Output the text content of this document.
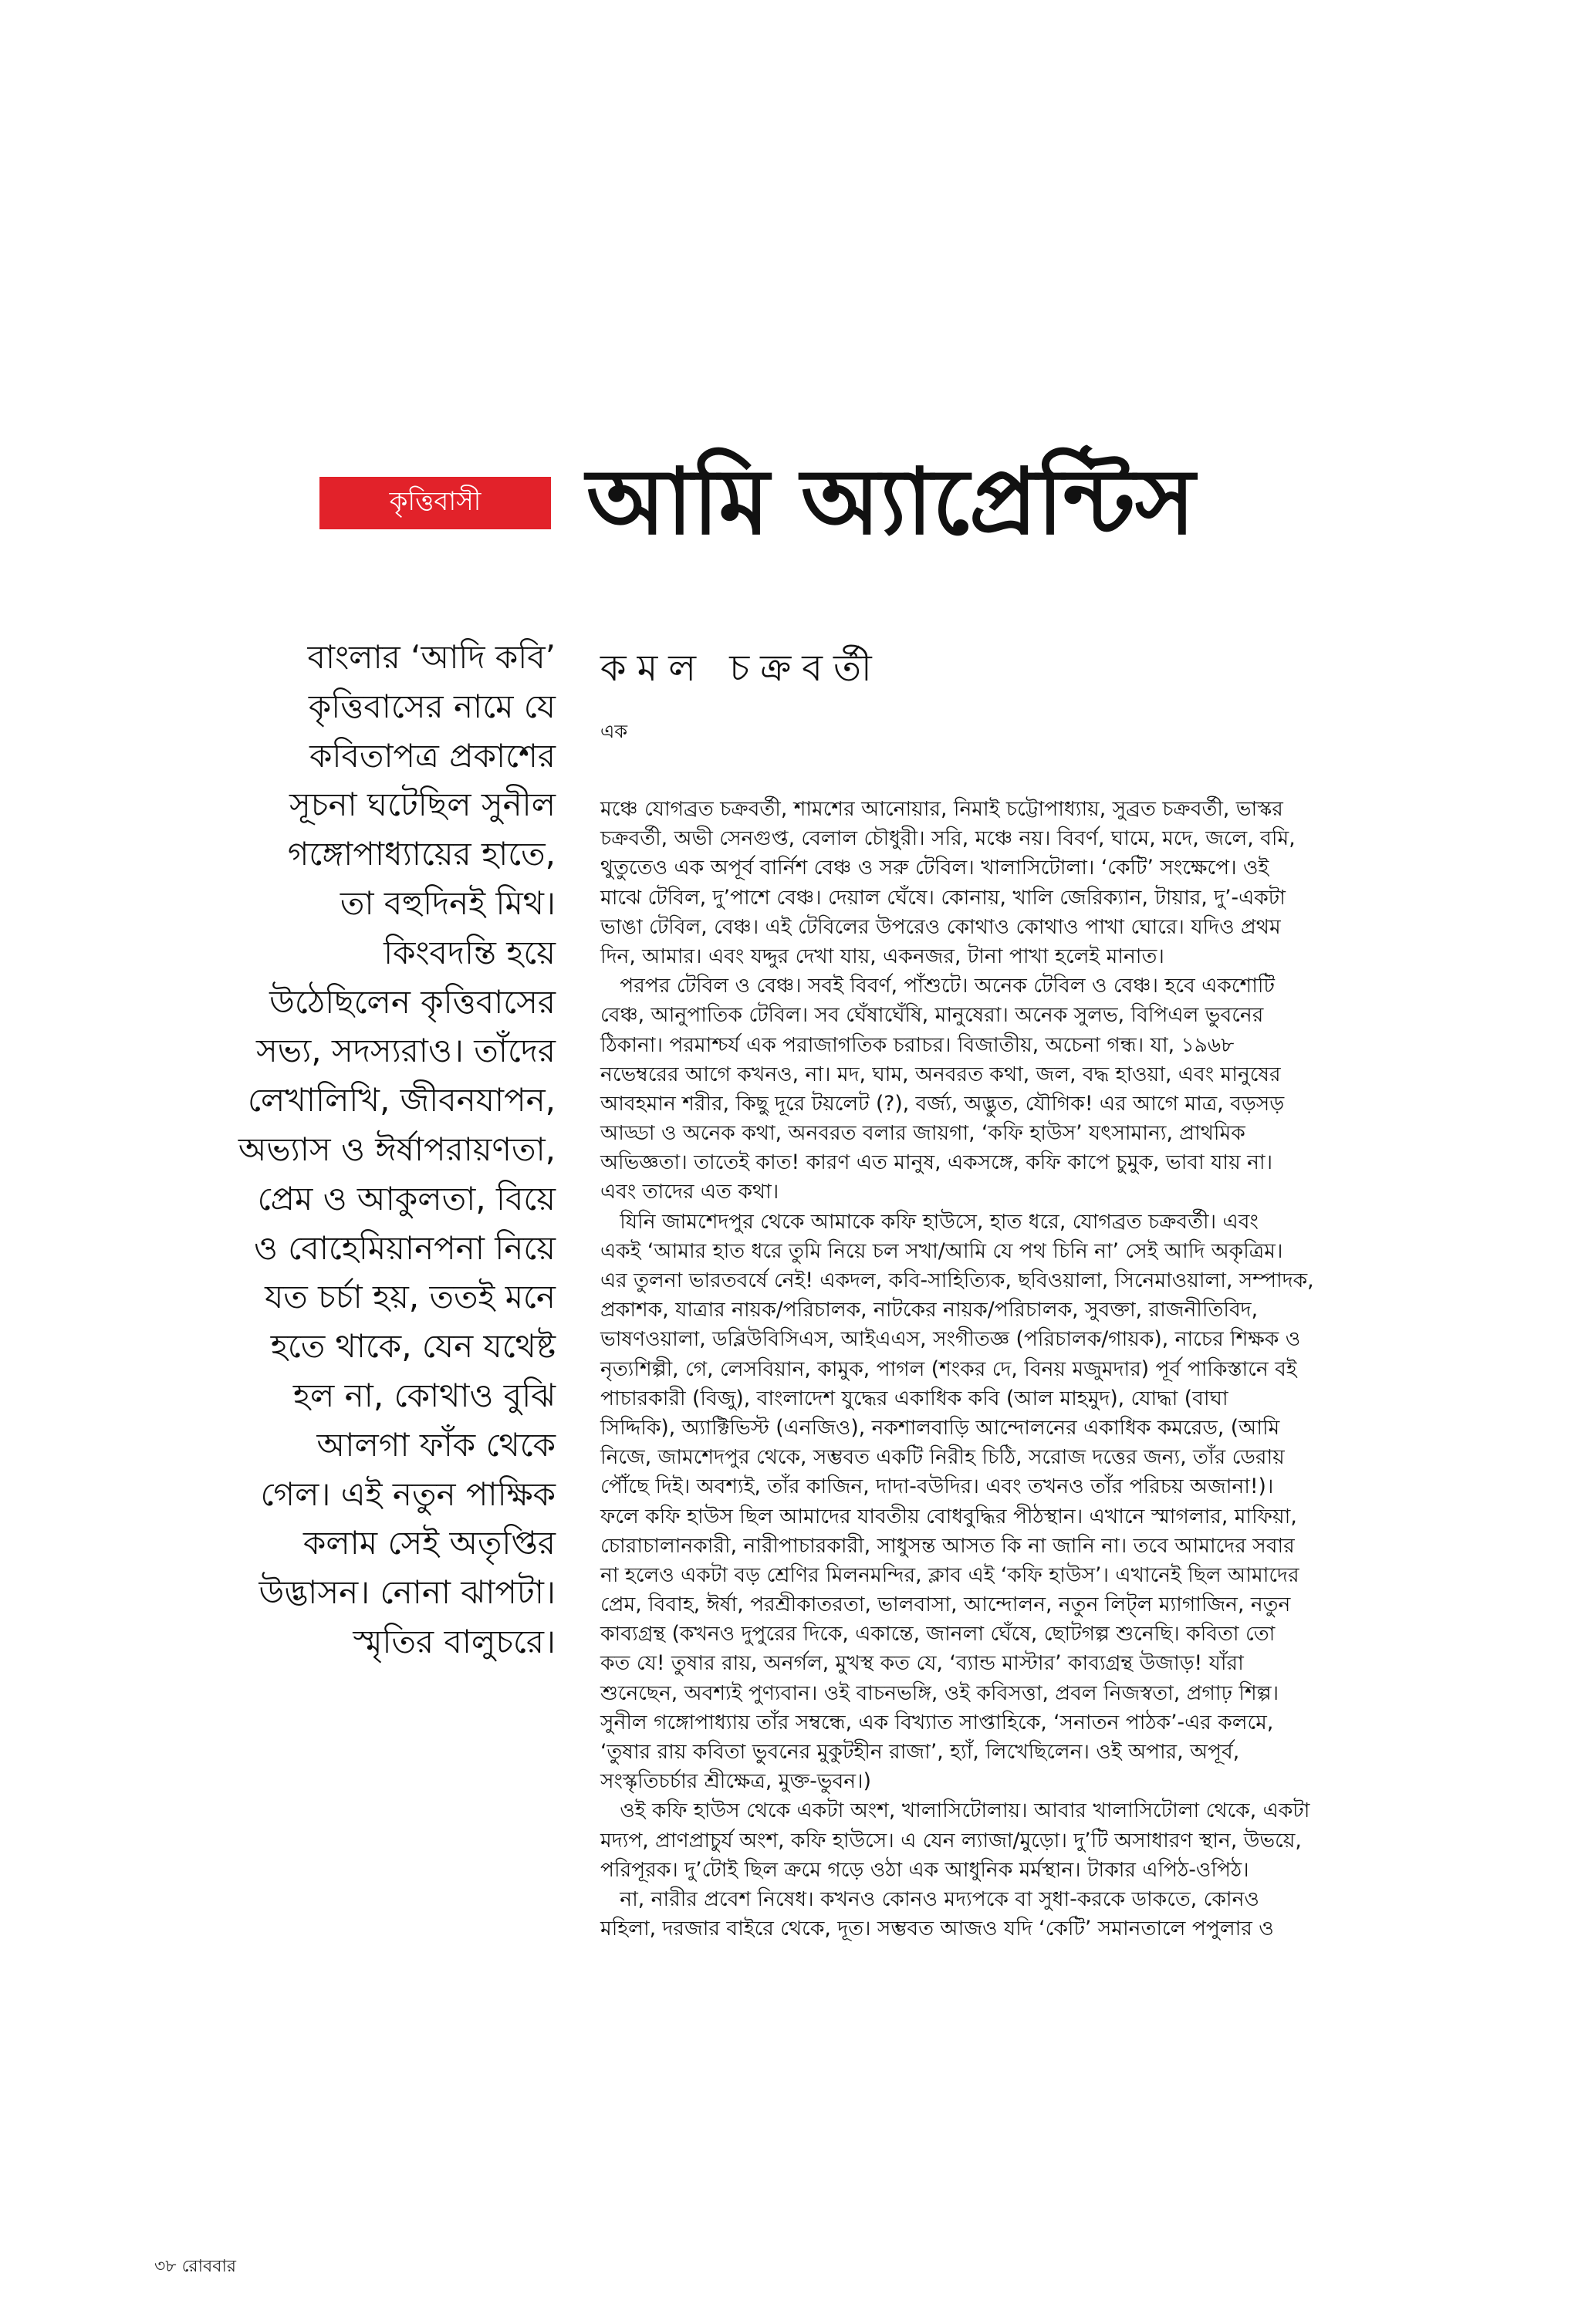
কৃত্তিবাসী আমি অ্যাপ্রেন্টিস
বাংলার ‘আদি কবি’
কৃত্তিবাসের নামে যে
কবিতাপত্র প্রকাশের
সূচনা ঘটেছিল সুনীল
গঙ্গোপাধ্যায়ের হাতে,
তা বহুদিনই মিথ।
কিংবদন্তি হয়ে
উঠেছিলেন কৃত্তিবাসের
সভ্য, সদস্যরাও। তাঁদের
লেখালিখি, জীবনযাপন,
অভ্যাস ও ঈর্ষাপরায়ণতা,
প্রেম ও আকুলতা, বিয়ে
ও বোহেমিয়ানপনা নিয়ে
যত চর্চা হয়, ততই মনে
হতে থাকে, যেন যথেষ্ট
হল না, কোথাও বুঝি
আলগা ফাঁক থেকে
গেল। এই নতুন পাক্ষিক
কলাম সেই অতৃপ্তির
উদ্ভাসন। নোনা ঝাপটা।
স্মৃতির বালুচরে।
কমল চক্রবর্তী
এক
মঞ্চে যোগব্রত চক্রবর্তী, শামশের আনোয়ার, নিমাই চট্টোপাধ্যায়, সুব্রত চক্রবর্তী, ভাস্কর
চক্রবর্তী, অভী সেনগুপ্ত, বেলাল চৌধুরী। সরি, মঞ্চে নয়। বিবর্ণ, ঘামে, মদে, জলে, বমি,
থুতুতেও এক অপূর্ব বার্নিশ বেঞ্চ ও সরু টেবিল। খালাসিটোলা। ‘কেটি’ সংক্ষেপে। ওই
মাঝে টেবিল, দু’পাশে বেঞ্চ। দেয়াল ঘেঁষে। কোনায়, খালি জেরিক্যান, টায়ার, দু’-একটা
ভাঙা টেবিল, বেঞ্চ। এই টেবিলের উপরেও কোথাও কোথাও পাখা ঘোরে। যদিও প্রথম
দিন, আমার। এবং যদ্দুর দেখা যায়, একনজর, টানা পাখা হলেই মানাত।
পরপর টেবিল ও বেঞ্চ। সবই বিবর্ণ, পাঁশুটে। অনেক টেবিল ও বেঞ্চ। হবে একশোটি
বেঞ্চ, আনুপাতিক টেবিল। সব ঘেঁষাঘেঁষি, মানুষেরা। অনেক সুলভ, বিপিএল ভুবনের
ঠিকানা। পরমাশ্চর্য এক পরাজাগতিক চরাচর। বিজাতীয়, অচেনা গন্ধ। যা, ১৯৬৮
নভেম্বরের আগে কখনও, না। মদ, ঘাম, অনবরত কথা, জল, বদ্ধ হাওয়া, এবং মানুষের
আবহমান শরীর, কিছু দূরে টয়লেট (?), বর্জ্য, অদ্ভুত, যৌগিক! এর আগে মাত্র, বড়সড়
আড্ডা ও অনেক কথা, অনবরত বলার জায়গা, ‘কফি হাউস’ যৎসামান্য, প্রাথমিক
অভিজ্ঞতা। তাতেই কাত! কারণ এত মানুষ, একসঙ্গে, কফি কাপে চুমুক, ভাবা যায় না।
এবং তাদের এত কথা।
যিনি জামশেদপুর থেকে আমাকে কফি হাউসে, হাত ধরে, যোগব্রত চক্রবর্তী। এবং
একই ‘আমার হাত ধরে তুমি নিয়ে চল সখা/আমি যে পথ চিনি না’ সেই আদি অকৃত্রিম।
এর তুলনা ভারতবর্ষে নেই! একদল, কবি-সাহিত্যিক, ছবিওয়ালা, সিনেমাওয়ালা, সম্পাদক,
প্রকাশক, যাত্রার নায়ক/পরিচালক, নাটকের নায়ক/পরিচালক, সুবক্তা, রাজনীতিবিদ,
ভাষণওয়ালা, ডব্লিউবিসিএস, আইএএস, সংগীতজ্ঞ (পরিচালক/গায়ক), নাচের শিক্ষক ও
নৃত্যশিল্পী, গে, লেসবিয়ান, কামুক, পাগল (শংকর দে, বিনয় মজুমদার) পূর্ব পাকিস্তানে বই
পাচারকারী (বিজু), বাংলাদেশ যুদ্ধের একাধিক কবি (আল মাহমুদ), যোদ্ধা (বাঘা
সিদ্দিকি), অ্যাক্টিভিস্ট (এনজিও), নকশালবাড়ি আন্দোলনের একাধিক কমরেড, (আমি
নিজে, জামশেদপুর থেকে, সম্ভবত একটি নিরীহ চিঠি, সরোজ দত্তের জন্য, তাঁর ডেরায়
পৌঁছে দিই। অবশ্যই, তাঁর কাজিন, দাদা-বউদির। এবং তখনও তাঁর পরিচয় অজানা!)।
ফলে কফি হাউস ছিল আমাদের যাবতীয় বোধবুদ্ধির পীঠস্থান। এখানে স্মাগলার, মাফিয়া,
চোরাচালানকারী, নারীপাচারকারী, সাধুসন্ত আসত কি না জানি না। তবে আমাদের সবার
না হলেও একটা বড় শ্রেণির মিলনমন্দির, ক্লাব এই ‘কফি হাউস’। এখানেই ছিল আমাদের
প্রেম, বিবাহ, ঈর্ষা, পরশ্রীকাতরতা, ভালবাসা, আন্দোলন, নতুন লিট্ল ম্যাগাজিন, নতুন
কাব্যগ্রন্থ (কখনও দুপুরের দিকে, একান্তে, জানলা ঘেঁষে, ছোটগল্প শুনেছি। কবিতা তো
কত যে! তুষার রায়, অনর্গল, মুখস্থ কত যে, ‘ব্যান্ড মাস্টার’ কাব্যগ্রন্থ উজাড়! যাঁরা
শুনেছেন, অবশ্যই পুণ্যবান। ওই বাচনভঙ্গি, ওই কবিসত্তা, প্রবল নিজস্বতা, প্রগাঢ় শিল্প।
সুনীল গঙ্গোপাধ্যায় তাঁর সম্বন্ধে, এক বিখ্যাত সাপ্তাহিকে, ‘সনাতন পাঠক’-এর কলমে,
‘তুষার রায় কবিতা ভুবনের মুকুটহীন রাজা’, হ্যাঁ, লিখেছিলেন। ওই অপার, অপূর্ব,
সংস্কৃতিচর্চার শ্রীক্ষেত্র, মুক্ত-ভুবন।)
ওই কফি হাউস থেকে একটা অংশ, খালাসিটোলায়। আবার খালাসিটোলা থেকে, একটা
মদ্যপ, প্রাণপ্রাচুর্য অংশ, কফি হাউসে। এ যেন ল্যাজা/মুড়ো। দু’টি অসাধারণ স্থান, উভয়ে,
পরিপূরক। দু’টোই ছিল ক্রমে গড়ে ওঠা এক আধুনিক মর্মস্থান। টাকার এপিঠ-ওপিঠ।
না, নারীর প্রবেশ নিষেধ। কখনও কোনও মদ্যপকে বা সুধা-করকে ডাকতে, কোনও
মহিলা, দরজার বাইরে থেকে, দূত। সম্ভবত আজও যদি ‘কেটি’ সমানতালে পপুলার ও
৩৮ রোববার
